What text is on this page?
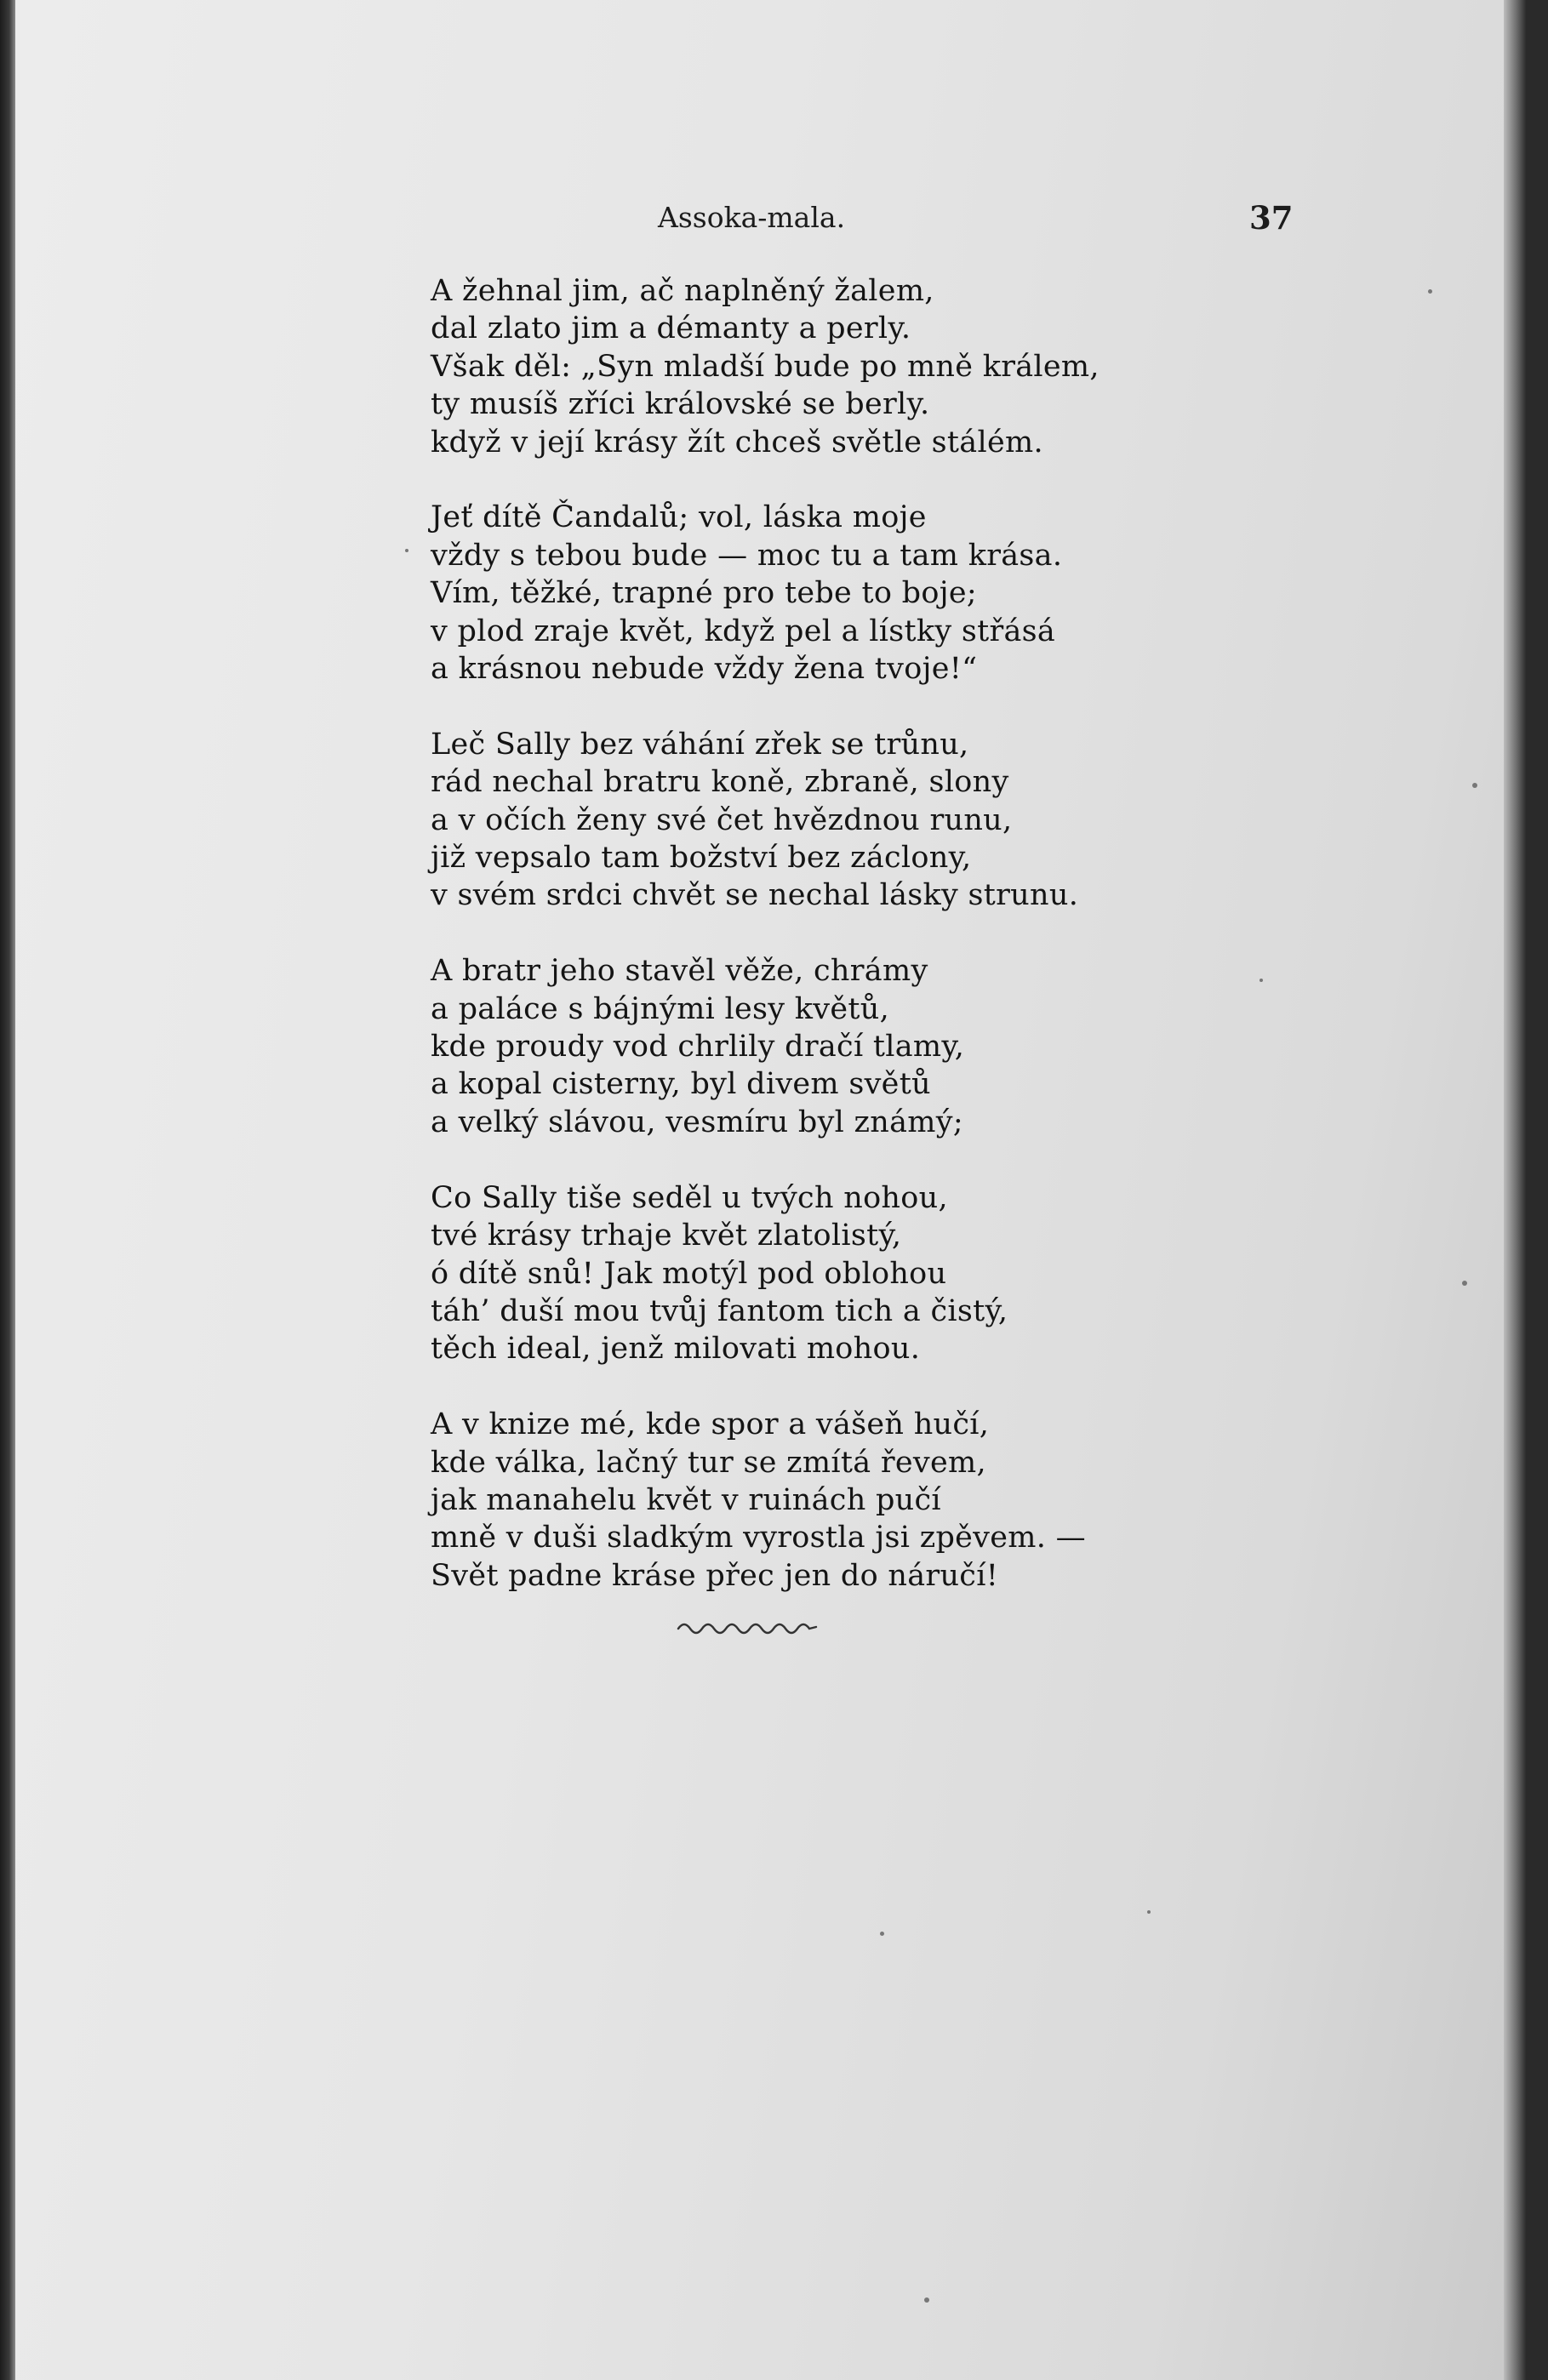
Assoka-mala.	37
A žehnal jim, ač naplněný žalem,
dal zlato jim a démanty a perly.
Však děl: „Syn mladší bude po mně králem,
ty musíš zříci královské se berly.
když v její krásy žít chceš světle stálém.
Jeť dítě Čandalů; vol, láska moje
vždy s tebou bude — moc tu a tam krása.
Vím, těžké, trapné pro tebe to boje;
v plod zraje květ, když pel a lístky střásá
a krásnou nebude vždy žena tvoje!“
Leč Sally bez váhání zřek se trůnu,
rád nechal bratru koně, zbraně, slony
a v očích ženy své čet hvězdnou runu,
již vepsalo tam božství bez záclony,
v svém srdci chvět se nechal lásky strunu.
A bratr jeho stavěl věže, chrámy
a paláce s bájnými lesy květů,
kde proudy vod chrlily dračí tlamy,
a kopal cisterny, byl divem světů
a velký slávou, vesmíru byl známý;
Co Sally tiše seděl u tvých nohou,
tvé krásy trhaje květ zlatolistý,
ó dítě snů! Jak motýl pod oblohou
táh’ duší mou tvůj fantom tich a čistý,
těch ideal, jenž milovati mohou.
A v knize mé, kde spor a vášeň hučí,
kde válka, lačný tur se zmítá řevem,
jak manahelu květ v ruinách pučí
mně v duši sladkým vyrostla jsi zpěvem. —
Svět padne kráse přec jen do náručí!
